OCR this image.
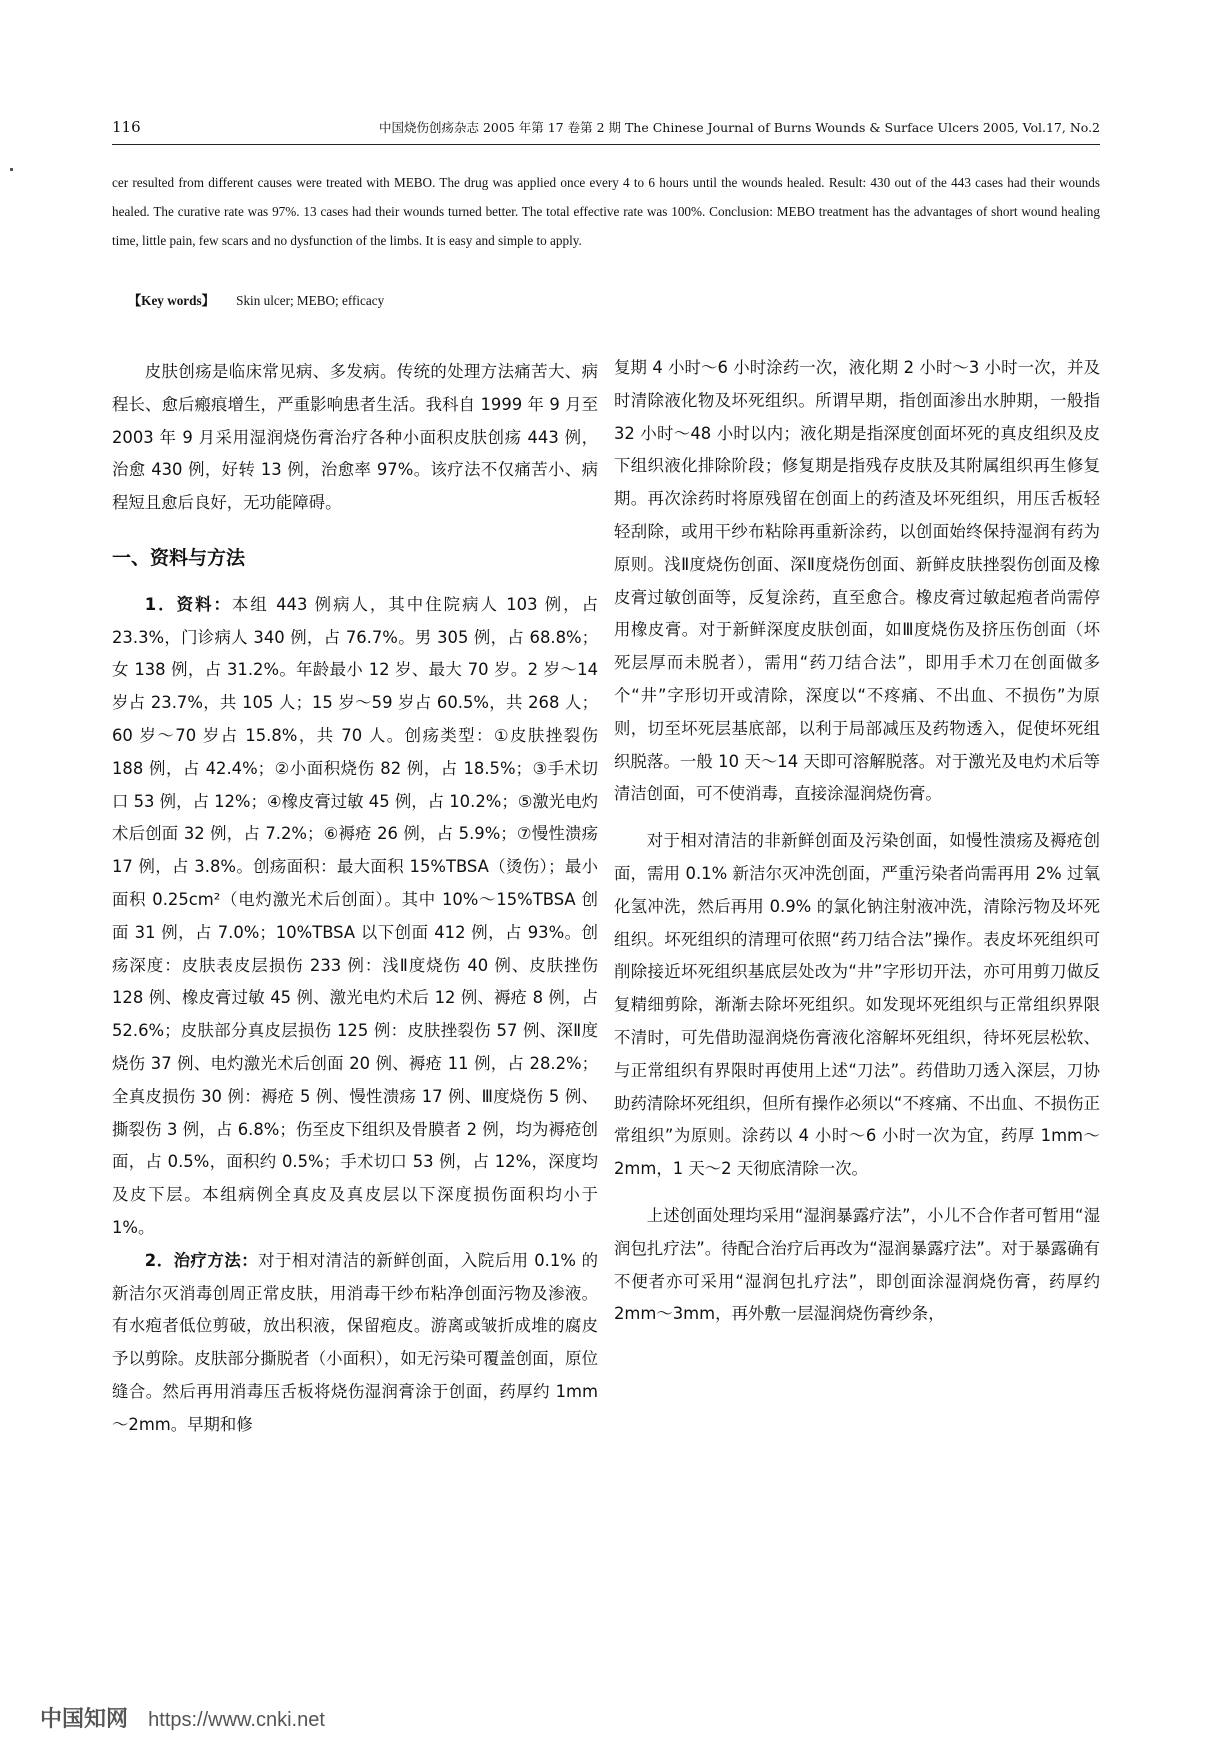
116	中国烧伤创疡杂志 2005 年第 17 卷第 2 期 The Chinese Journal of Burns Wounds & Surface Ulcers 2005, Vol.17, No.2
cer resulted from different causes were treated with MEBO. The drug was applied once every 4 to 6 hours until the wounds healed. Result: 430 out of the 443 cases had their wounds healed. The curative rate was 97%. 13 cases had their wounds turned better. The total effective rate was 100%. Conclusion: MEBO treatment has the advantages of short wound healing time, little pain, few scars and no dysfunction of the limbs. It is easy and simple to apply.
【Key words】 Skin ulcer; MEBO; efficacy

皮肤创疡是临床常见病、多发病。传统的处理方法痛苦大、病程长、愈后瘢痕增生，严重影响患者生活。我科自 1999 年 9 月至 2003 年 9 月采用湿润烧伤膏治疗各种小面积皮肤创疡 443 例，治愈 430 例，好转 13 例，治愈率 97%。该疗法不仅痛苦小、病程短且愈后良好，无功能障碍。

一、资料与方法

1．资料：本组 443 例病人，其中住院病人 103 例，占 23.3%，门诊病人 340 例，占 76.7%。男 305 例，占 68.8%；女 138 例，占 31.2%。年龄最小 12 岁、最大 70 岁。2 岁～14 岁占 23.7%，共 105 人；15 岁～59 岁占 60.5%，共 268 人；60 岁～70 岁占 15.8%，共 70 人。创疡类型：①皮肤挫裂伤 188 例，占 42.4%；②小面积烧伤 82 例，占 18.5%；③手术切口 53 例，占 12%；④橡皮膏过敏 45 例，占 10.2%；⑤激光电灼术后创面 32 例，占 7.2%；⑥褥疮 26 例，占 5.9%；⑦慢性溃疡 17 例，占 3.8%。创疡面积：最大面积 15%TBSA（烫伤）；最小面积 0.25cm²（电灼激光术后创面）。其中 10%～15%TBSA 创面 31 例，占 7.0%；10%TBSA 以下创面 412 例，占 93%。创疡深度：皮肤表皮层损伤 233 例：浅Ⅱ度烧伤 40 例、皮肤挫伤 128 例、橡皮膏过敏 45 例、激光电灼术后 12 例、褥疮 8 例，占 52.6%；皮肤部分真皮层损伤 125 例：皮肤挫裂伤 57 例、深Ⅱ度烧伤 37 例、电灼激光术后创面 20 例、褥疮 11 例，占 28.2%；全真皮损伤 30 例：褥疮 5 例、慢性溃疡 17 例、Ⅲ度烧伤 5 例、撕裂伤 3 例，占 6.8%；伤至皮下组织及骨膜者 2 例，均为褥疮创面，占 0.5%，面积约 0.5%；手术切口 53 例，占 12%，深度均及皮下层。本组病例全真皮及真皮层以下深度损伤面积均小于 1%。

2．治疗方法：对于相对清洁的新鲜创面，入院后用 0.1% 的新洁尔灭消毒创周正常皮肤，用消毒干纱布粘净创面污物及渗液。有水疱者低位剪破，放出积液，保留疱皮。游离或皱折成堆的腐皮予以剪除。皮肤部分撕脱者（小面积），如无污染可覆盖创面，原位缝合。然后再用消毒压舌板将烧伤湿润膏涂于创面，药厚约 1mm～2mm。早期和修

复期 4 小时～6 小时涂药一次，液化期 2 小时～3 小时一次，并及时清除液化物及坏死组织。所谓早期，指创面渗出水肿期，一般指 32 小时～48 小时以内；液化期是指深度创面坏死的真皮组织及皮下组织液化排除阶段；修复期是指残存皮肤及其附属组织再生修复期。再次涂药时将原残留在创面上的药渣及坏死组织，用压舌板轻轻刮除，或用干纱布粘除再重新涂药，以创面始终保持湿润有药为原则。浅Ⅱ度烧伤创面、深Ⅱ度烧伤创面、新鲜皮肤挫裂伤创面及橡皮膏过敏创面等，反复涂药，直至愈合。橡皮膏过敏起疱者尚需停用橡皮膏。对于新鲜深度皮肤创面，如Ⅲ度烧伤及挤压伤创面（坏死层厚而未脱者），需用“药刀结合法”，即用手术刀在创面做多个“井”字形切开或清除，深度以“不疼痛、不出血、不损伤”为原则，切至坏死层基底部，以利于局部减压及药物透入，促使坏死组织脱落。一般 10 天～14 天即可溶解脱落。对于激光及电灼术后等清洁创面，可不使消毒，直接涂湿润烧伤膏。

对于相对清洁的非新鲜创面及污染创面，如慢性溃疡及褥疮创面，需用 0.1% 新洁尔灭冲洗创面，严重污染者尚需再用 2% 过氧化氢冲洗，然后再用 0.9% 的氯化钠注射液冲洗，清除污物及坏死组织。坏死组织的清理可依照“药刀结合法”操作。表皮坏死组织可削除接近坏死组织基底层处改为“井”字形切开法，亦可用剪刀做反复精细剪除，渐渐去除坏死组织。如发现坏死组织与正常组织界限不清时，可先借助湿润烧伤膏液化溶解坏死组织，待坏死层松软、与正常组织有界限时再使用上述“刀法”。药借助刀透入深层，刀协助药清除坏死组织，但所有操作必须以“不疼痛、不出血、不损伤正常组织”为原则。涂药以 4 小时～6 小时一次为宜，药厚 1mm～2mm，1 天～2 天彻底清除一次。

上述创面处理均采用“湿润暴露疗法”，小儿不合作者可暂用“湿润包扎疗法”。待配合治疗后再改为“湿润暴露疗法”。对于暴露确有不便者亦可采用“湿润包扎疗法”，即创面涂湿润烧伤膏，药厚约 2mm～3mm，再外敷一层湿润烧伤膏纱条，

中国知网 https://www.cnki.net
